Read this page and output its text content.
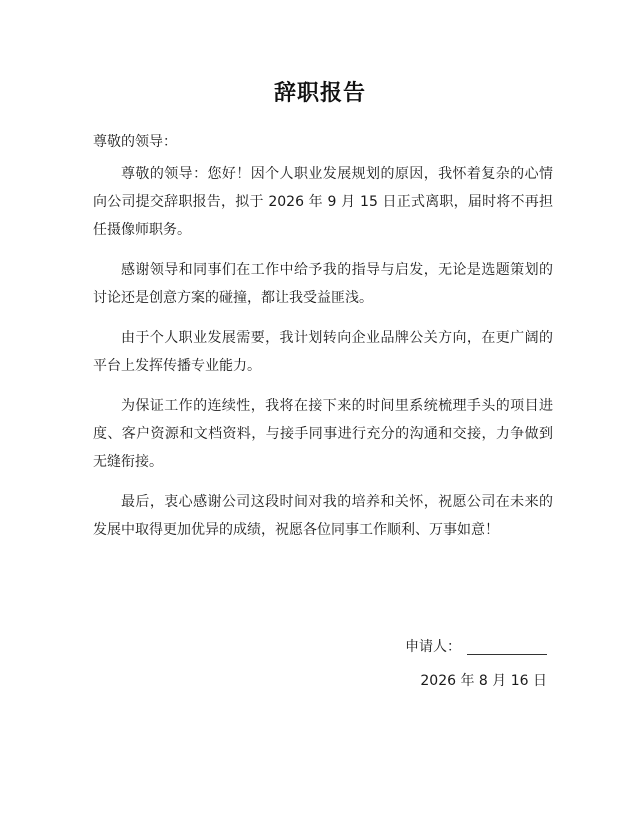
辞职报告
尊敬的领导：

尊敬的领导：您好！因个人职业发展规划的原因，我怀着复杂的心情向公司提交辞职报告，拟于 2026 年 9 月 15 日正式离职，届时将不再担任摄像师职务。

感谢领导和同事们在工作中给予我的指导与启发，无论是选题策划的讨论还是创意方案的碰撞，都让我受益匪浅。

由于个人职业发展需要，我计划转向企业品牌公关方向，在更广阔的平台上发挥传播专业能力。

为保证工作的连续性，我将在接下来的时间里系统梳理手头的项目进度、客户资源和文档资料，与接手同事进行充分的沟通和交接，力争做到无缝衔接。

最后，衷心感谢公司这段时间对我的培养和关怀，祝愿公司在未来的发展中取得更加优异的成绩，祝愿各位同事工作顺利、万事如意！

申请人：
2026 年 8 月 16 日
